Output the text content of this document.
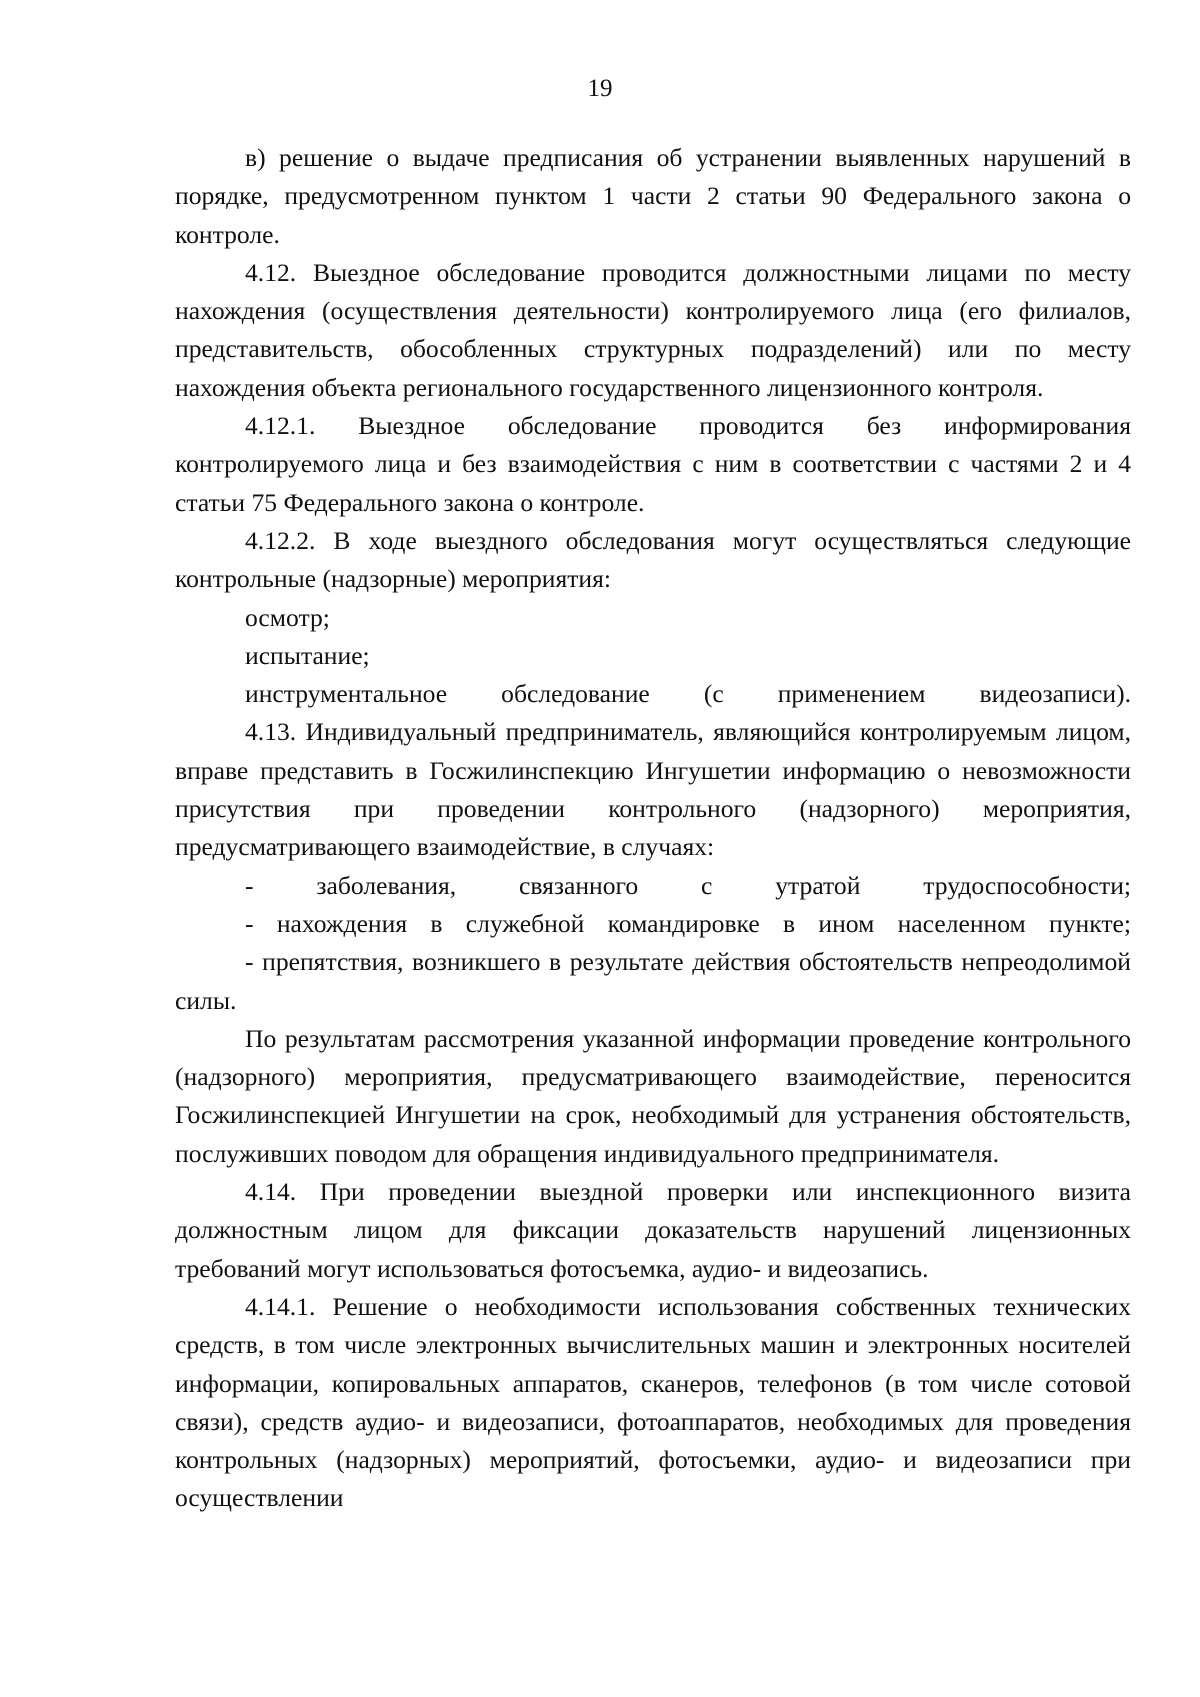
19

в) решение о выдаче предписания об устранении выявленных нарушений в порядке, предусмотренном пунктом 1 части 2 статьи 90 Федерального закона о контроле.

4.12. Выездное обследование проводится должностными лицами по месту нахождения (осуществления деятельности) контролируемого лица (его филиалов, представительств, обособленных структурных подразделений) или по месту нахождения объекта регионального государственного лицензионного контроля.

4.12.1. Выездное обследование проводится без информирования контролируемого лица и без взаимодействия с ним в соответствии с частями 2 и 4 статьи 75 Федерального закона о контроле.

4.12.2. В ходе выездного обследования могут осуществляться следующие контрольные (надзорные) мероприятия:

осмотр;

испытание;

инструментальное обследование (с применением видеозаписи).

4.13. Индивидуальный предприниматель, являющийся контролируемым лицом, вправе представить в Госжилинспекцию Ингушетии информацию о невозможности присутствия при проведении контрольного (надзорного) мероприятия, предусматривающего взаимодействие, в случаях:

- заболевания, связанного с утратой трудоспособности;

- нахождения в служебной командировке в ином населенном пункте;

- препятствия, возникшего в результате действия обстоятельств непреодолимой силы.

По результатам рассмотрения указанной информации проведение контрольного (надзорного) мероприятия, предусматривающего взаимодействие, переносится Госжилинспекцией Ингушетии на срок, необходимый для устранения обстоятельств, послуживших поводом для обращения индивидуального предпринимателя.

4.14. При проведении выездной проверки или инспекционного визита должностным лицом для фиксации доказательств нарушений лицензионных требований могут использоваться фотосъемка, аудио- и видеозапись.

4.14.1. Решение о необходимости использования собственных технических средств, в том числе электронных вычислительных машин и электронных носителей информации, копировальных аппаратов, сканеров, телефонов (в том числе сотовой связи), средств аудио- и видеозаписи, фотоаппаратов, необходимых для проведения контрольных (надзорных) мероприятий, фотосъемки, аудио- и видеозаписи при осуществлении
